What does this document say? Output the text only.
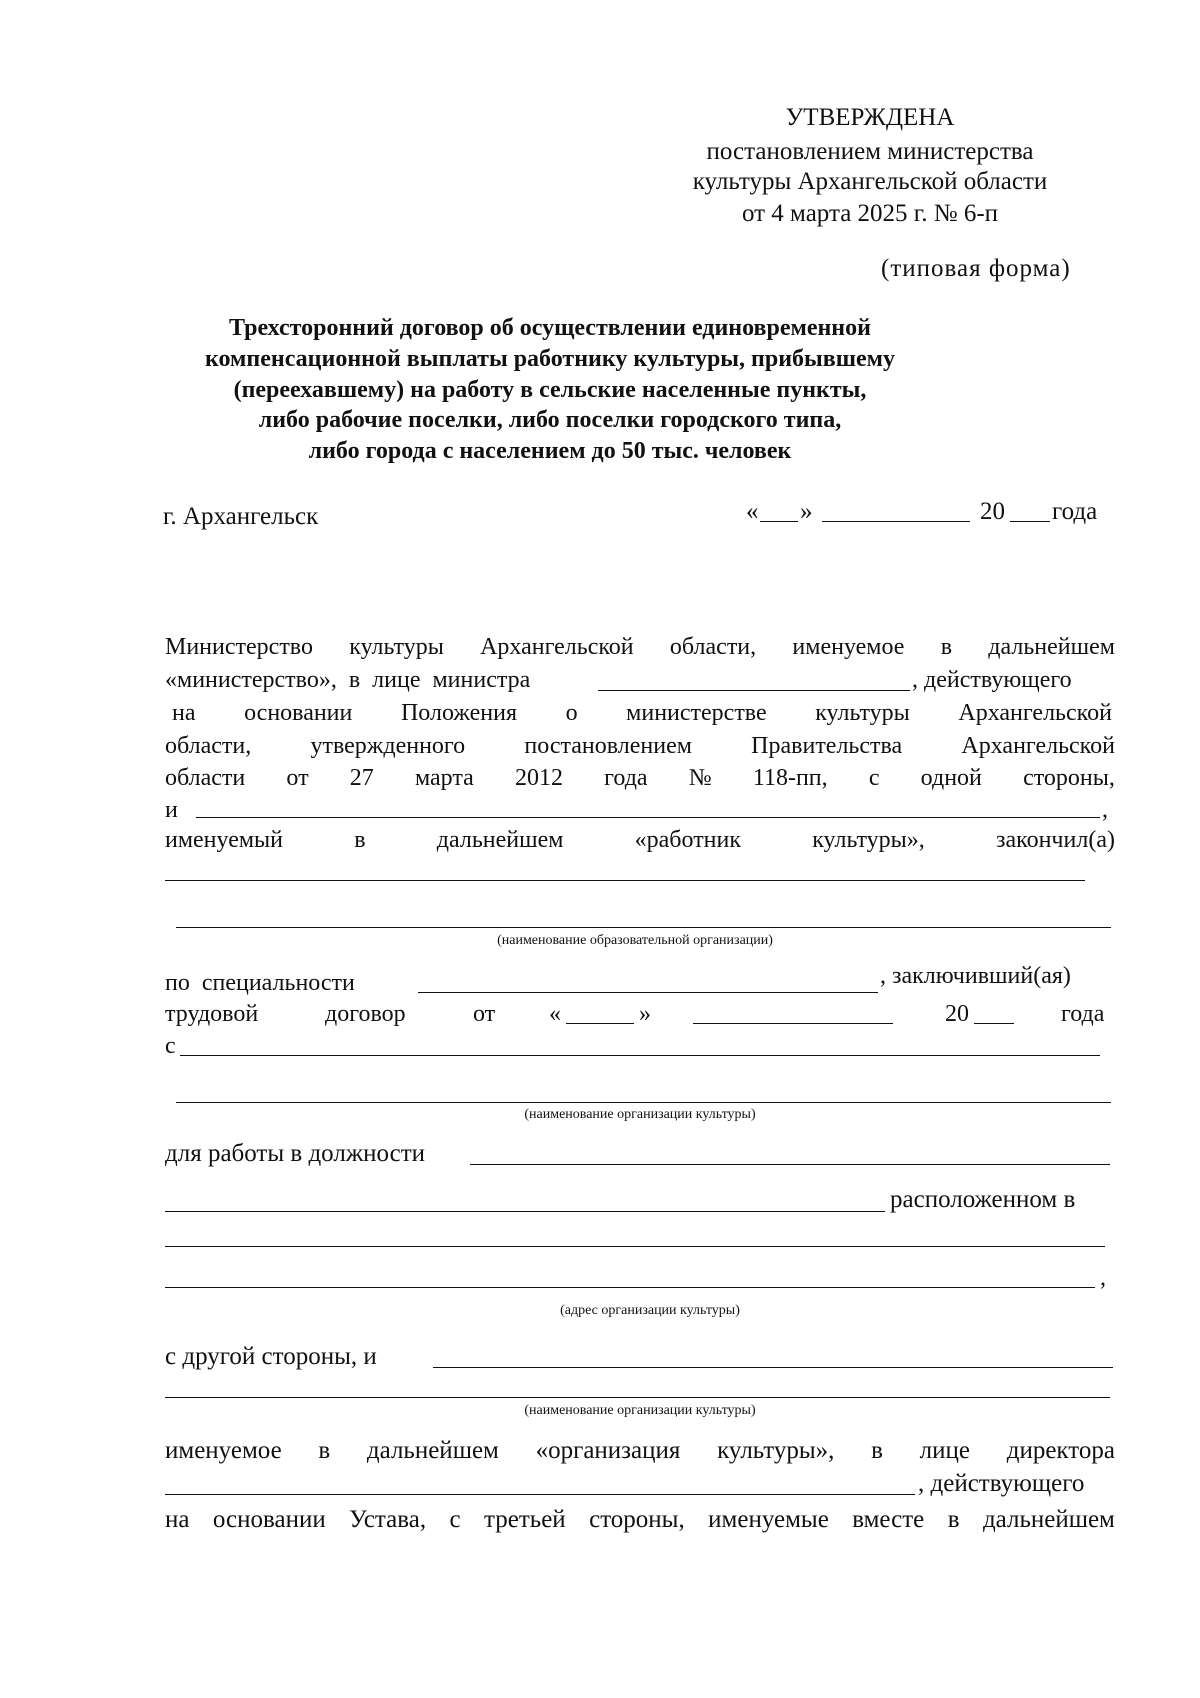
УТВЕРЖДЕНА
постановлением министерства
культуры Архангельской области
от 4 марта 2025 г. № 6-п
(типовая форма)
Трехсторонний договор об осуществлении единовременной
компенсационной выплаты работнику культуры, прибывшему
(переехавшему) на работу в сельские населенные пункты,
либо рабочие поселки, либо поселки городского типа,
либо города с населением до 50 тыс. человек
г. Архангельск	« »	20 года
Министерство культуры Архангельской области, именуемое в дальнейшем
«министерство», в лице министра	, действующего
на основании Положения о министерстве культуры Архангельской
области, утвержденного постановлением Правительства Архангельской
области от 27 марта 2012 года № 118-пп, с одной стороны,
и	,
именуемый	в	дальнейшем	«работник	культуры»,	закончил(а)
(наименование образовательной организации)
по специальности	, заключивший(ая)
трудовой	договор	от «	»	20	года
с
(наименование организации культуры)
для работы в должности
расположенном в
,
(адрес организации культуры)
с другой стороны, и
(наименование организации культуры)
именуемое в дальнейшем «организация культуры», в лице директора
, действующего
на основании Устава, с третьей стороны, именуемые вместе в дальнейшем
